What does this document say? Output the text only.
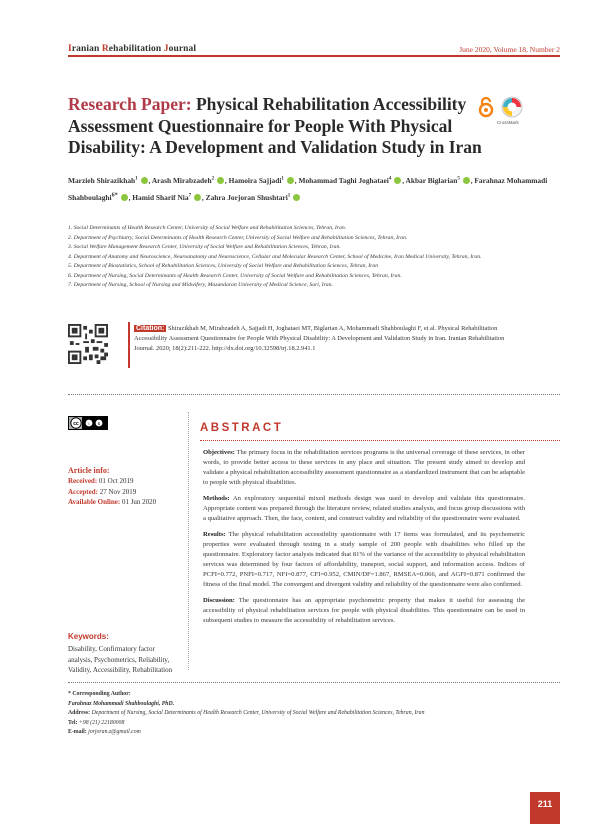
Iranian Rehabilitation Journal	June 2020, Volume 18, Number 2
Research Paper: Physical Rehabilitation Accessibility Assessment Questionnaire for People With Physical Disability: A Development and Validation Study in Iran

CrossMark
Marzieh Shirazikhah$^1$ , Arash Mirabzadeh$^2$ , Hamoira Sajjadi$^1$ , Mohammad Taghi Joghataei$^4$ , Akbar Biglarian$^5$ , Farahnaz Mohammadi Shahboulaghi$^{6*}$ , Hamid Sharif Nia$^7$ , Zahra Jorjoran Shushtari$^1$
1. Social Determinants of Health Research Center, University of Social Welfare and Rehabilitation Sciences, Tehran, Iran.
2. Department of Psychiatry, Social Determinants of Health Research Center, University of Social Welfare and Rehabilitation Sciences, Tehran, Iran.
3. Social Welfare Management Research Center, University of Social Welfare and Rehabilitation Sciences, Tehran, Iran.
4. Department of Anatomy and Neuroscience, Neuroanatomy and Neuroscience, Cellular and Molecular Research Center, School of Medicine, Iran Medical University, Tehran, Iran.
5. Department of Biostatistics, School of Rehabilitation Sciences, University of Social Welfare and Rehabilitation Sciences, Tehran, Iran
6. Department of Nursing, Social Determinants of Health Research Center, University of Social Welfare and Rehabilitation Sciences, Tehran, Iran.
7. Department of Nursing, School of Nursing and Midwifery, Mazandaran University of Medical Science, Sari, Iran.
Citation: Shirazikhah M, Mirabzadeh A, Sajjadi H, Joghataei MT, Biglarian A, Mohammadi Shahboulaghi F, et al. Physical Rehabilitation Accessibility Assessment Questionnaire for People With Physical Disability: A Development and Validation Study in Iran. Iranian Rehabilitation Journal. 2020; 18(2):211-222. http://dx.doi.org/10.32598/irj.18.2.941.1
cc i $	ABSTRACT
Article info:
Received: 01 Oct 2019
Accepted: 27 Nov 2019
Available Online: 01 Jun 2020

Objectives: The primary focus in the rehabilitation services programs is the universal coverage of these services, in other words, to provide better access to these services in any place and situation. The present study aimed to develop and validate a physical rehabilitation accessibility assessment questionnaire as a standardized instrument that can be adaptable to people with physical disabilities.

Methods: An exploratory sequential mixed methods design was used to develop and validate this questionnaire. Appropriate content was prepared through the literature review, related studies analysis, and focus group discussions with a qualitative approach. Then, the face, content, and construct validity and reliability of the questionnaire were evaluated.

Results: The physical rehabilitation accessibility questionnaire with 17 items was formulated, and its psychometric properties were evaluated through testing in a study sample of 200 people with disabilities who filled up the questionnaire. Exploratory factor analysis indicated that 81% of the variance of the accessibility to physical rehabilitation services was determined by four factors of affordability, transport, social support, and information access. Indices of PCFI=0.772, PNFI=0.717, NFI=0.877, CFI=0.952, CMIN/DF=1.867, RMSEA=0.066, and AGFI=0.871 confirmed the fitness of the final model. The convergent and divergent validity and reliability of the questionnaire were also confirmed.

Discussion: The questionnaire has an appropriate psychometric property that makes it useful for assessing the accessibility of physical rehabilitation services for people with physical disabilities. This questionnaire can be used in subsequent studies to measure the accessibility of rehabilitation services.

Keywords:
Disability, Confirmatory factor analysis, Psychometrics, Reliability, Validity, Accessibility, Rehabilitation
* Corresponding Author:
Farahnaz Mohammadi Shahboulaghi, PhD.
Address: Department of Nursing, Social Determinants of Health Research Center, University of Social Welfare and Rehabilitation Sciences, Tehran, Iran
Tel: +98 (21) 22180008
E-mail: jorjoran.z@gmail.com
211
